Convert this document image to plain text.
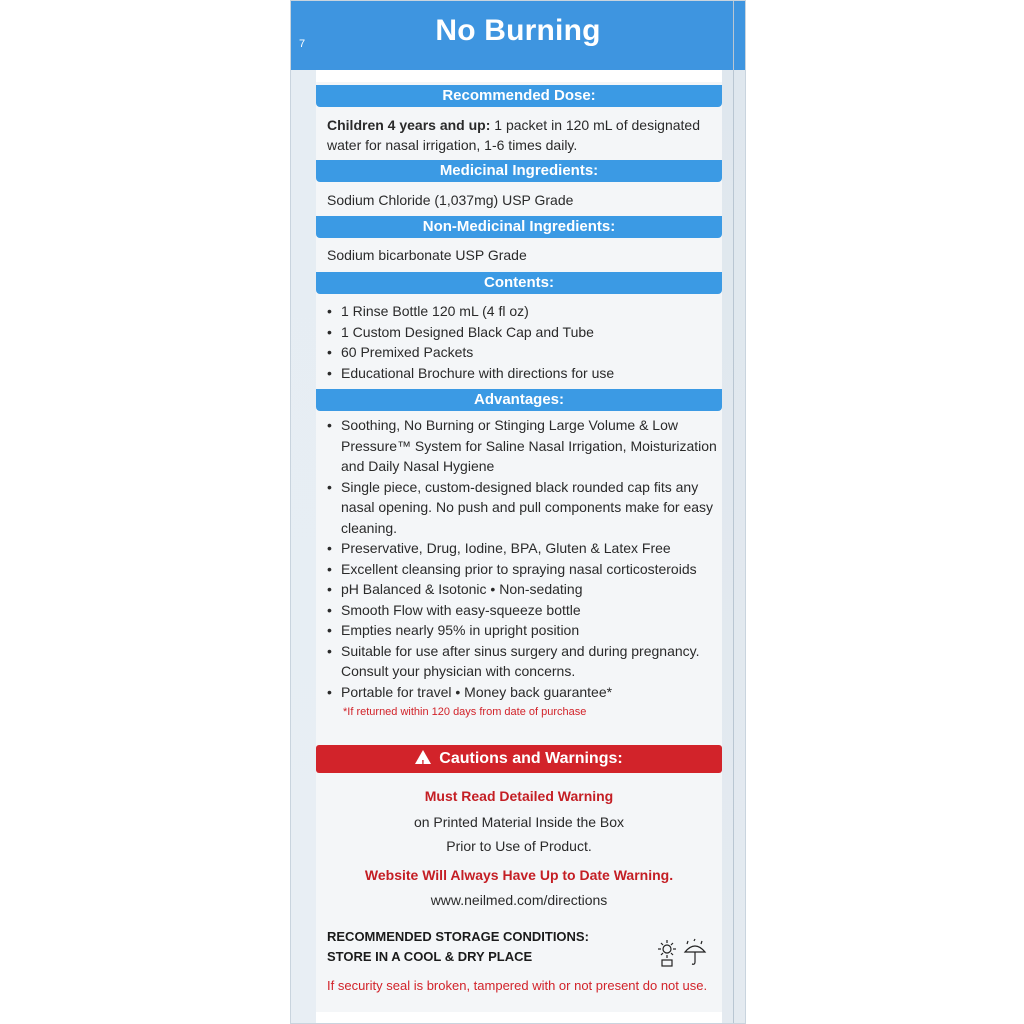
7	No Burning
Recommended Dose:
Children 4 years and up: 1 packet in 120 mL of designated
water for nasal irrigation, 1-6 times daily.
Medicinal Ingredients:
Sodium Chloride (1,037mg) USP Grade
Non-Medicinal Ingredients:
Sodium bicarbonate USP Grade
Contents:
• 1 Rinse Bottle 120 mL (4 fl oz)
• 1 Custom Designed Black Cap and Tube
• 60 Premixed Packets
• Educational Brochure with directions for use
Advantages:
• Soothing, No Burning or Stinging Large Volume & Low Pressure™ System for Saline Nasal Irrigation, Moisturization and Daily Nasal Hygiene
• Single piece, custom-designed black rounded cap fits any nasal opening. No push and pull components make for easy cleaning.
• Preservative, Drug, Iodine, BPA, Gluten & Latex Free
• Excellent cleansing prior to spraying nasal corticosteroids
• pH Balanced & Isotonic • Non-sedating
• Smooth Flow with easy-squeeze bottle
• Empties nearly 95% in upright position
• Suitable for use after sinus surgery and during pregnancy. Consult your physician with concerns.
• Portable for travel • Money back guarantee*
*If returned within 120 days from date of purchase
!Cautions and Warnings:
Must Read Detailed Warning
on Printed Material Inside the Box
Prior to Use of Product.
Website Will Always Have Up to Date Warning.
www.neilmed.com/directions
RECOMMENDED STORAGE CONDITIONS:
STORE IN A COOL & DRY PLACE
If security seal is broken, tampered with or not present do not use.
